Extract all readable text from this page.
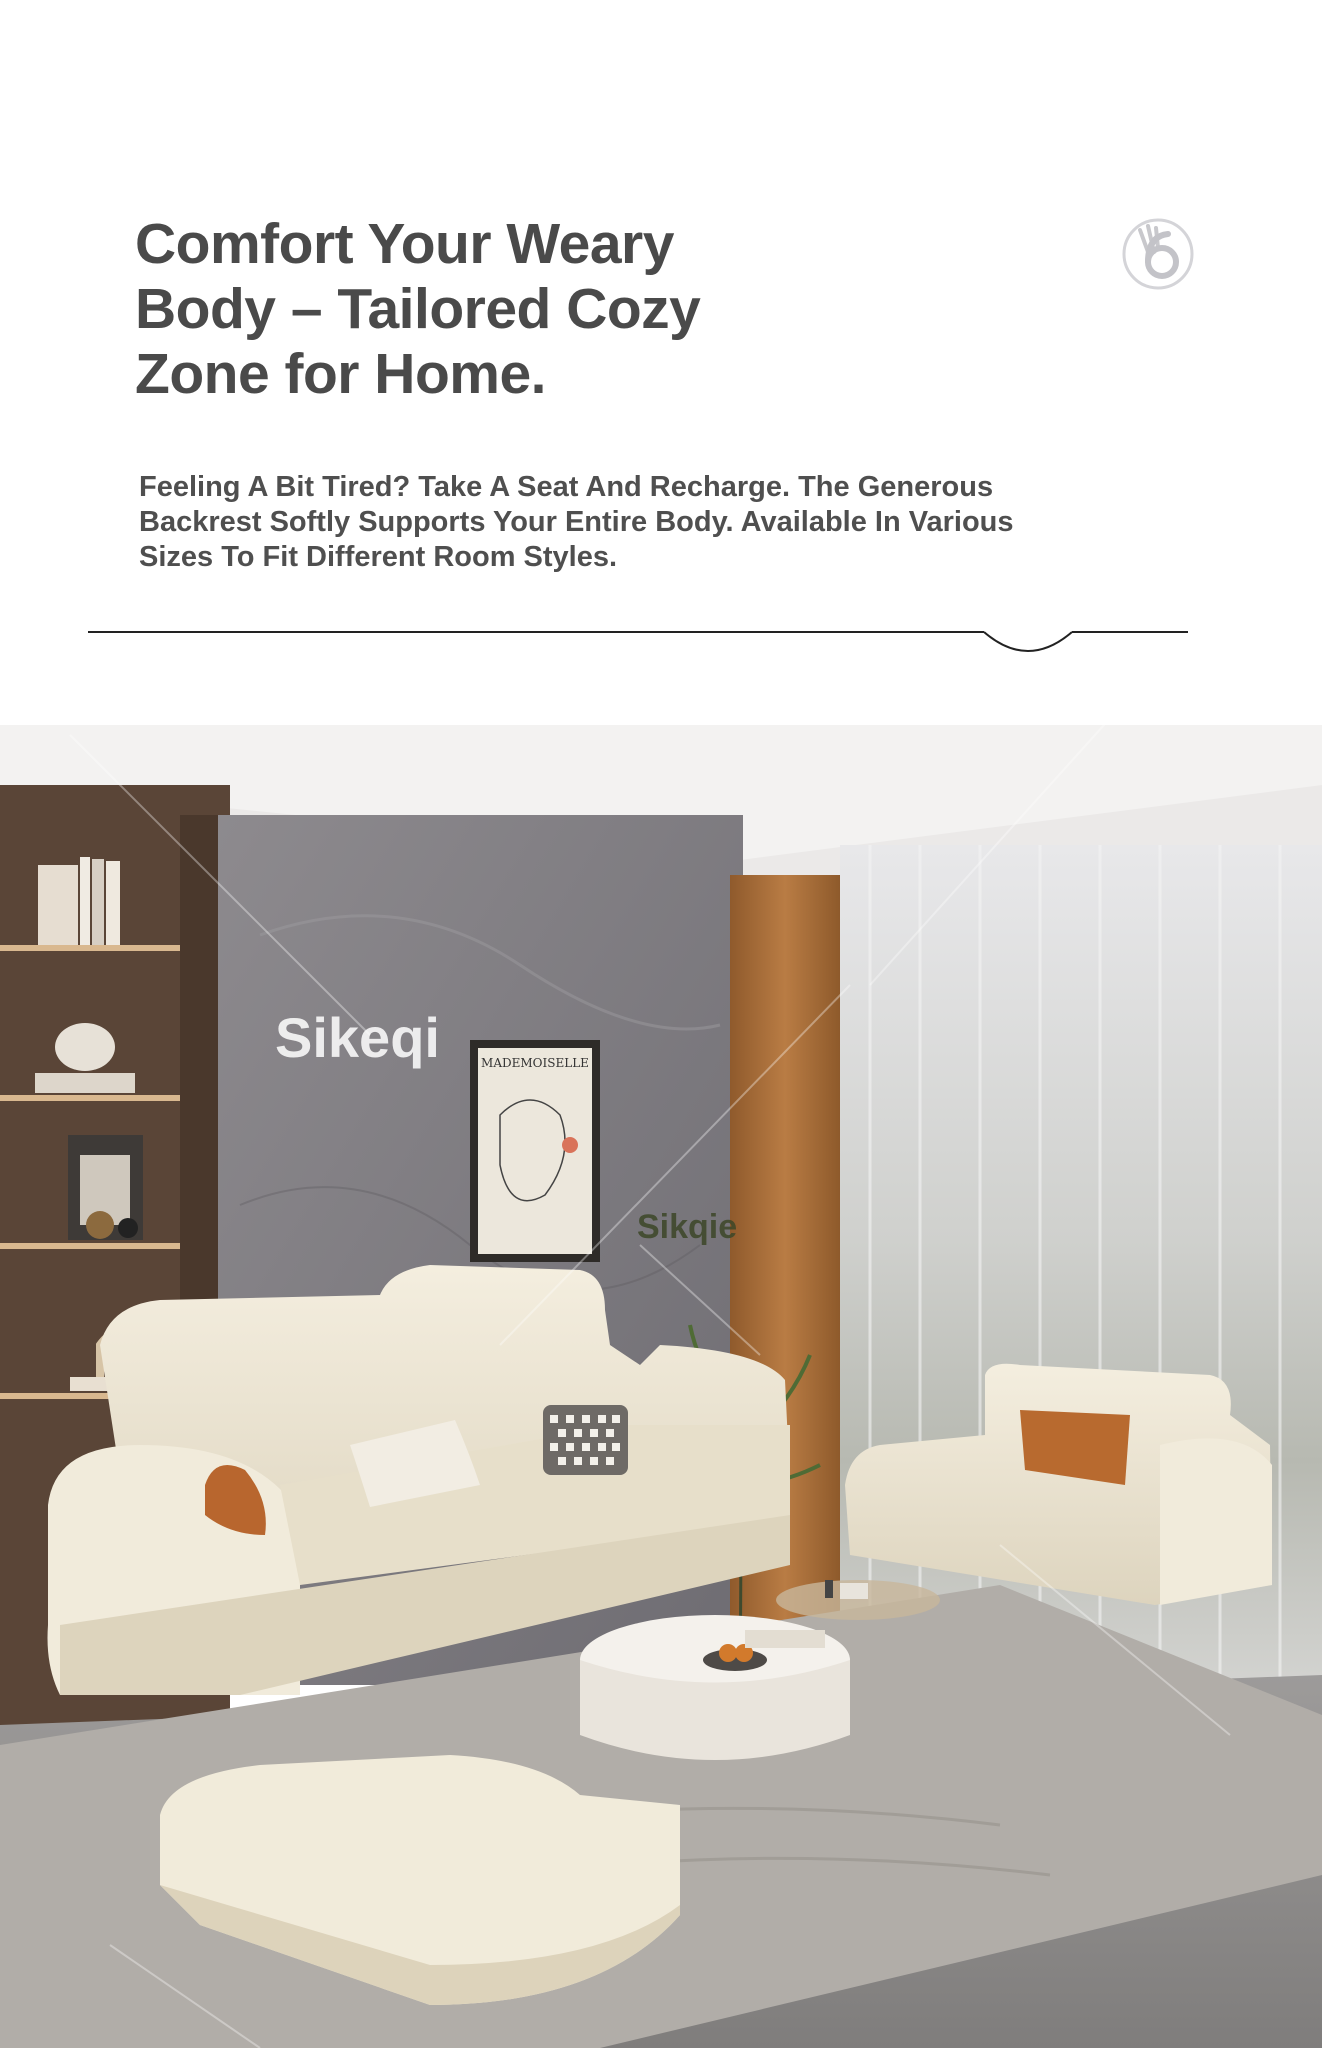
Comfort Your Weary Body – Tailored Cozy Zone for Home.

Feeling A Bit Tired? Take A Seat And Recharge. The Generous Backrest Softly Supports Your Entire Body. Available In Various Sizes To Fit Different Room Styles.

MADEMOISELLE
Sikeqi
Sikqie
